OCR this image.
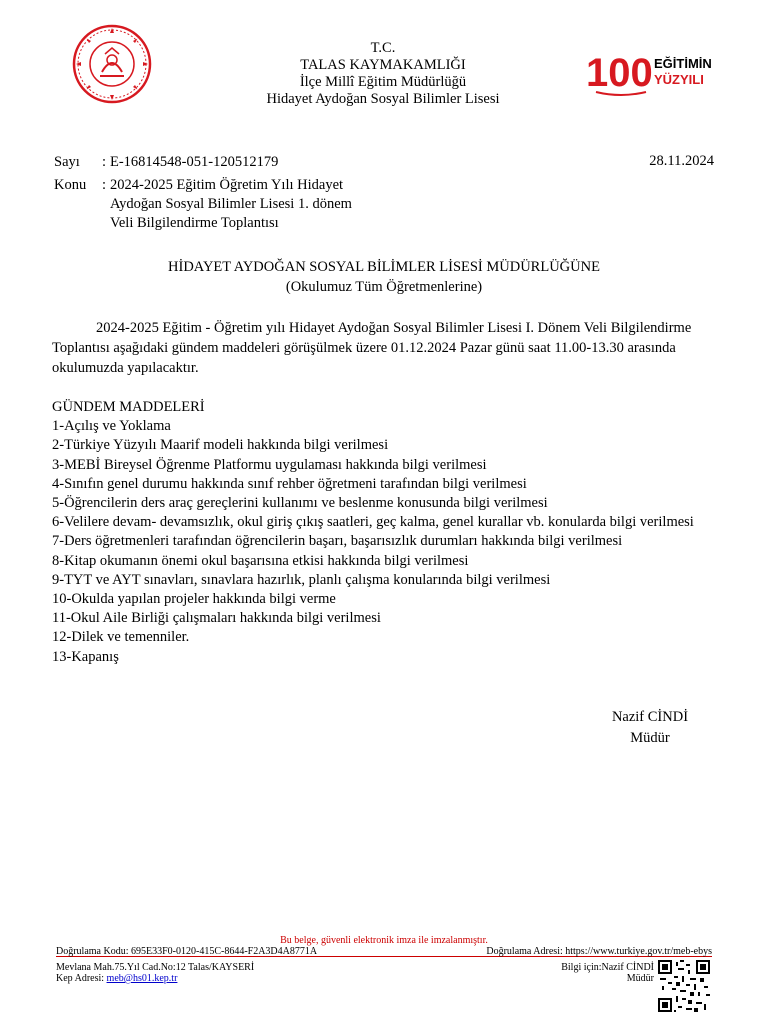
100 EĞİTİMİN
YÜZYILI
T.C.
TALAS KAYMAKAMLIĞI
İlçe Millî Eğitim Müdürlüğü
Hidayet Aydoğan Sosyal Bilimler Lisesi
Sayı : E-16814548-051-120512179	28.11.2024
Konu : 2024-2025 Eğitim Öğretim Yılı Hidayet
Aydoğan Sosyal Bilimler Lisesi 1. dönem
Veli Bilgilendirme Toplantısı
HİDAYET AYDOĞAN SOSYAL BİLİMLER LİSESİ MÜDÜRLÜĞÜNE
(Okulumuz Tüm Öğretmenlerine)
2024-2025 Eğitim - Öğretim yılı Hidayet Aydoğan Sosyal Bilimler Lisesi I. Dönem Veli Bilgilendirme Toplantısı aşağıdaki gündem maddeleri görüşülmek üzere 01.12.2024 Pazar günü saat 11.00-13.30 arasında okulumuzda yapılacaktır.
GÜNDEM MADDELERİ
1-Açılış ve Yoklama
2-Türkiye Yüzyılı Maarif modeli hakkında bilgi verilmesi
3-MEBİ Bireysel Öğrenme Platformu uygulaması hakkında bilgi verilmesi
4-Sınıfın genel durumu hakkında sınıf rehber öğretmeni tarafından bilgi verilmesi
5-Öğrencilerin ders araç gereçlerini kullanımı ve beslenme konusunda bilgi verilmesi
6-Velilere devam- devamsızlık, okul giriş çıkış saatleri, geç kalma, genel kurallar vb. konularda bilgi verilmesi
7-Ders öğretmenleri tarafından öğrencilerin başarı, başarısızlık durumları hakkında bilgi verilmesi
8-Kitap okumanın önemi okul başarısına etkisi hakkında bilgi verilmesi
9-TYT ve AYT sınavları, sınavlara hazırlık, planlı çalışma konularında bilgi verilmesi
10-Okulda yapılan projeler hakkında bilgi verme
11-Okul Aile Birliği çalışmaları hakkında bilgi verilmesi
12-Dilek ve temenniler.
13-Kapanış
Nazif CİNDİ
Müdür
Bu belge, güvenli elektronik imza ile imzalanmıştır.
Doğrulama Kodu: 695E33F0-0120-415C-8644-F2A3D4A8771A	Doğrulama Adresi: https://www.turkiye.gov.tr/meb-ebys
Mevlana Mah.75.Yıl Cad.No:12 Talas/KAYSERİ
Kep Adresi: meb@hs01.kep.tr
Bilgi için:Nazif CİNDİ
Müdür
